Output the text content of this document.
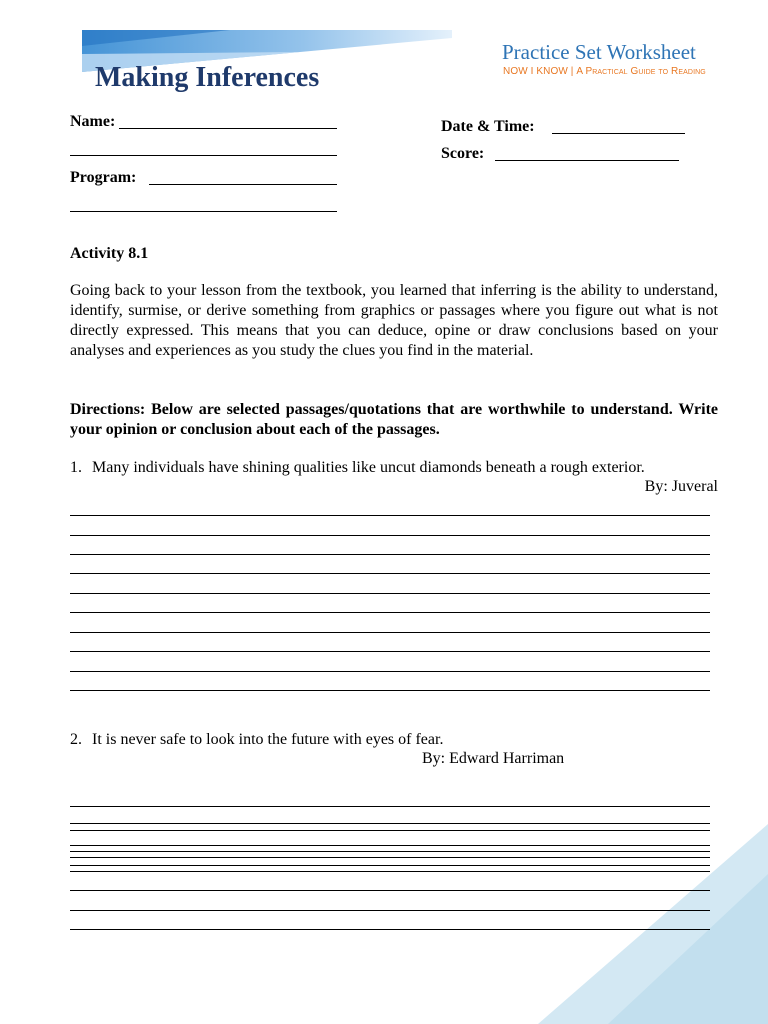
Practice Set Worksheet
NOW I KNOW | A Practical Guide to Reading
Making Inferences
Name:
Program:
Date & Time:
Score:
Activity 8.1

Going back to your lesson from the textbook, you learned that inferring is the ability to understand, identify, surmise, or derive something from graphics or passages where you figure out what is not directly expressed. This means that you can deduce, opine or draw conclusions based on your analyses and experiences as you study the clues you find in the material.

Directions: Below are selected passages/quotations that are worthwhile to understand. Write your opinion or conclusion about each of the passages.

1. Many individuals have shining qualities like uncut diamonds beneath a rough exterior.
By: Juveral
2. It is never safe to look into the future with eyes of fear.
By: Edward Harriman
